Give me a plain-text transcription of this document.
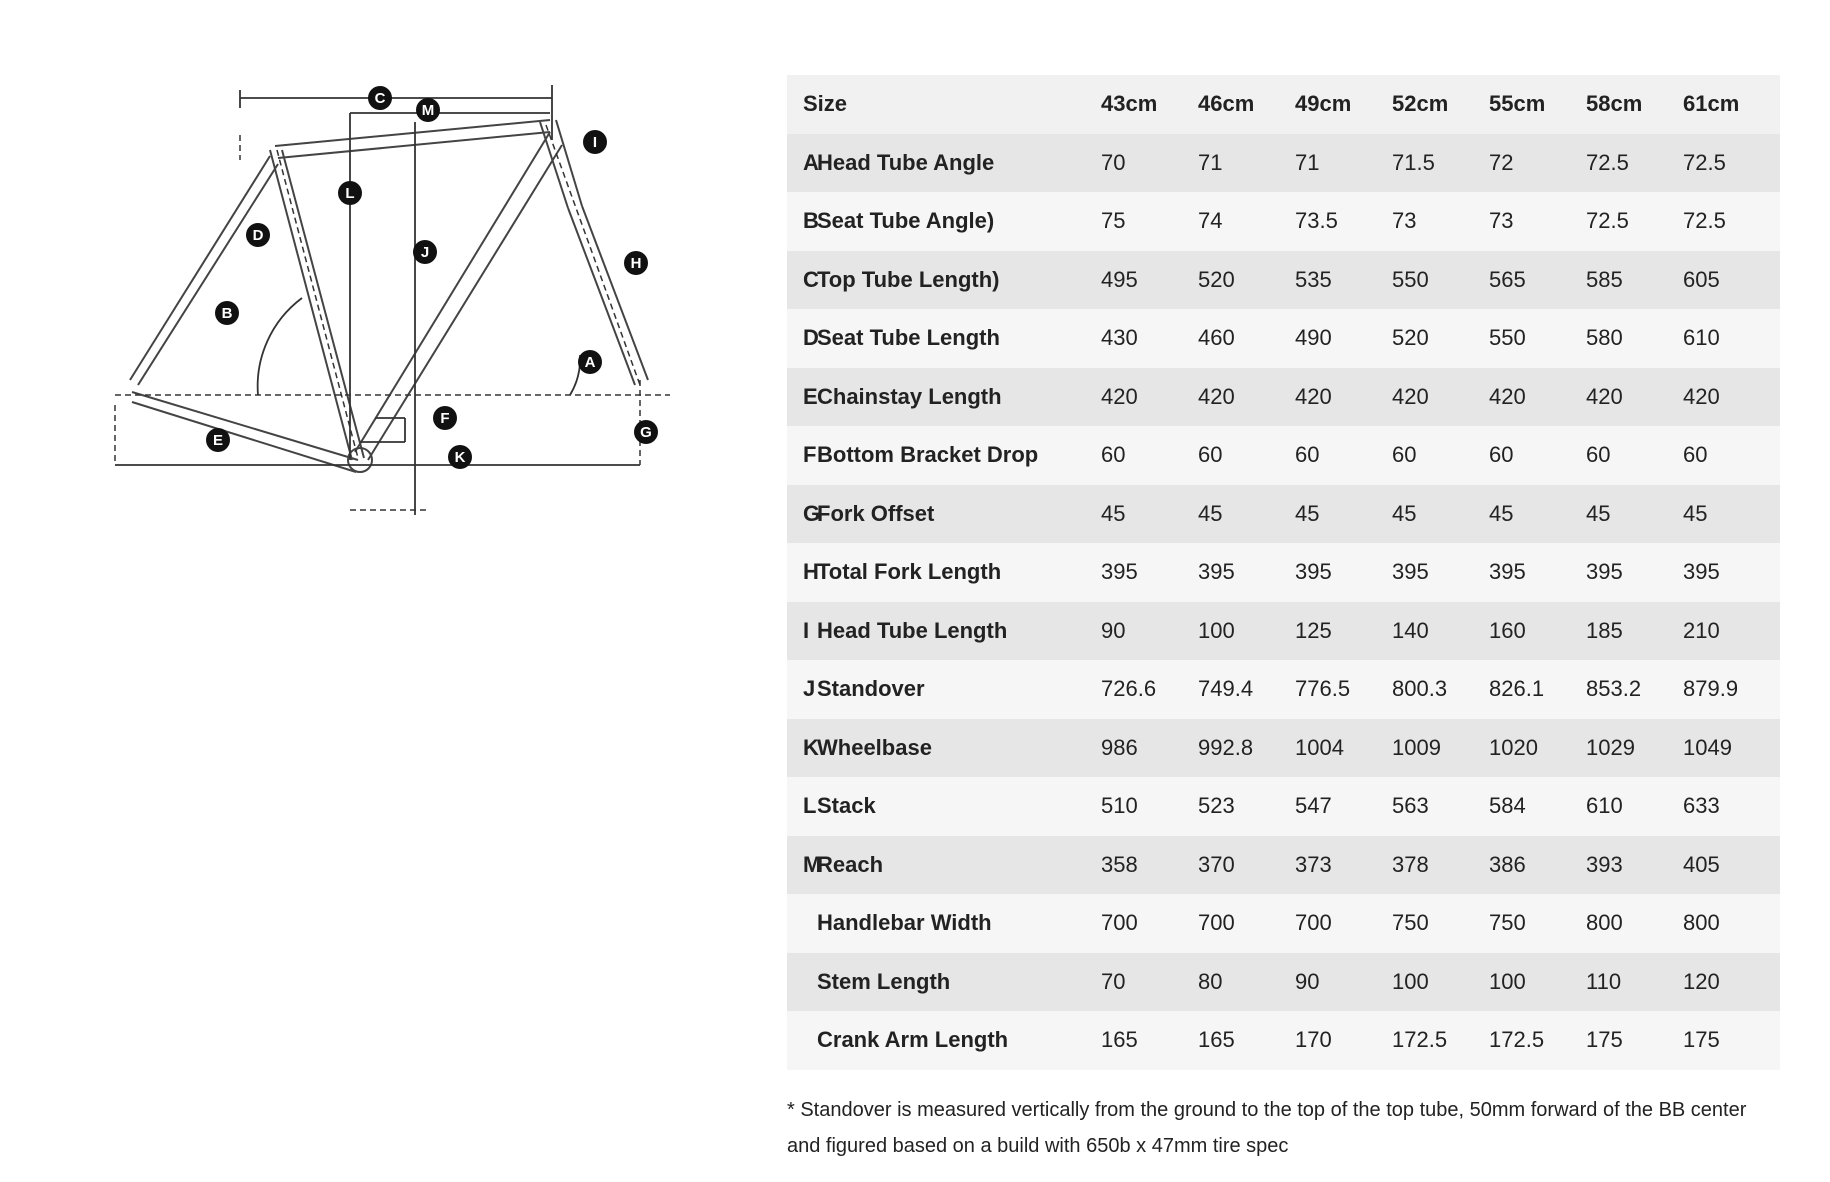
C
M
I
L
D
J
H
B
A
F
G
E
K
Size		43cm	46cm	49cm	52cm	55cm	58cm	61cm
A	Head Tube Angle	70	71	71	71.5	72	72.5	72.5
B	Seat Tube Angle)	75	74	73.5	73	73	72.5	72.5
C	Top Tube Length)	495	520	535	550	565	585	605
D	Seat Tube Length	430	460	490	520	550	580	610
E	Chainstay Length	420	420	420	420	420	420	420
F	Bottom Bracket Drop	60	60	60	60	60	60	60
G	Fork Offset	45	45	45	45	45	45	45
H	Total Fork Length	395	395	395	395	395	395	395
I	Head Tube Length	90	100	125	140	160	185	210
J	Standover	726.6	749.4	776.5	800.3	826.1	853.2	879.9
K	Wheelbase	986	992.8	1004	1009	1020	1029	1049
L	Stack	510	523	547	563	584	610	633
M	Reach	358	370	373	378	386	393	405
	Handlebar Width	700	700	700	750	750	800	800
	Stem Length	70	80	90	100	100	110	120
	Crank Arm Length	165	165	170	172.5	172.5	175	175

* Standover is measured vertically from the ground to the top of the top tube, 50mm forward of the BB center
and figured based on a build with 650b x 47mm tire spec
